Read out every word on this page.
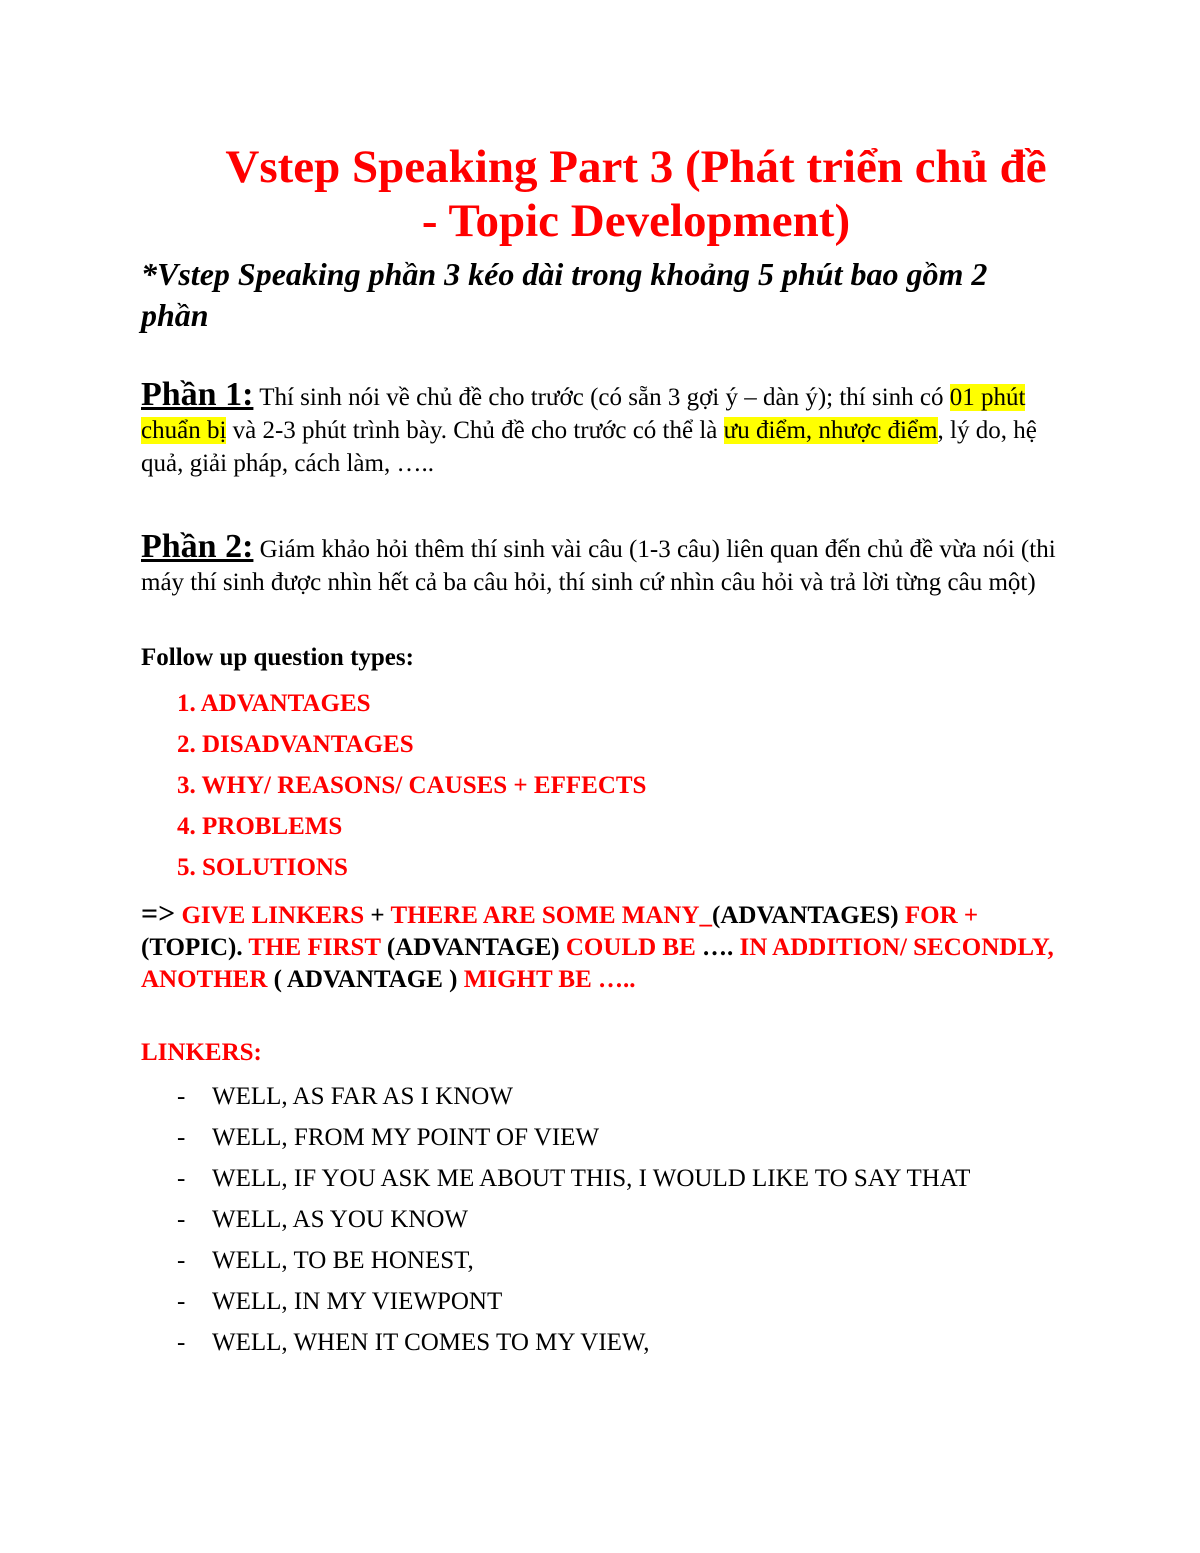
Vstep Speaking Part 3 (Phát triển chủ đề
- Topic Development)

*Vstep Speaking phần 3 kéo dài trong khoảng 5 phút bao gồm 2 phần

Phần 1: Thí sinh nói về chủ đề cho trước (có sẵn 3 gợi ý – dàn ý); thí sinh có 01 phút chuẩn bị và 2-3 phút trình bày. Chủ đề cho trước có thể là ưu điểm, nhược điểm, lý do, hệ quả, giải pháp, cách làm, …..

Phần 2: Giám khảo hỏi thêm thí sinh vài câu (1-3 câu) liên quan đến chủ đề vừa nói (thi máy thí sinh được nhìn hết cả ba câu hỏi, thí sinh cứ nhìn câu hỏi và trả lời từng câu một)

Follow up question types:
1. ADVANTAGES
2. DISADVANTAGES
3. WHY/ REASONS/ CAUSES + EFFECTS
4. PROBLEMS
5. SOLUTIONS

=> GIVE LINKERS + THERE ARE SOME MANY_(ADVANTAGES) FOR + (TOPIC). THE FIRST (ADVANTAGE) COULD BE …. IN ADDITION/ SECONDLY, ANOTHER ( ADVANTAGE ) MIGHT BE …..

LINKERS:
- WELL, AS FAR AS I KNOW
- WELL, FROM MY POINT OF VIEW
- WELL, IF YOU ASK ME ABOUT THIS, I WOULD LIKE TO SAY THAT
- WELL, AS YOU KNOW
- WELL, TO BE HONEST,
- WELL, IN MY VIEWPONT
- WELL, WHEN IT COMES TO MY VIEW,
